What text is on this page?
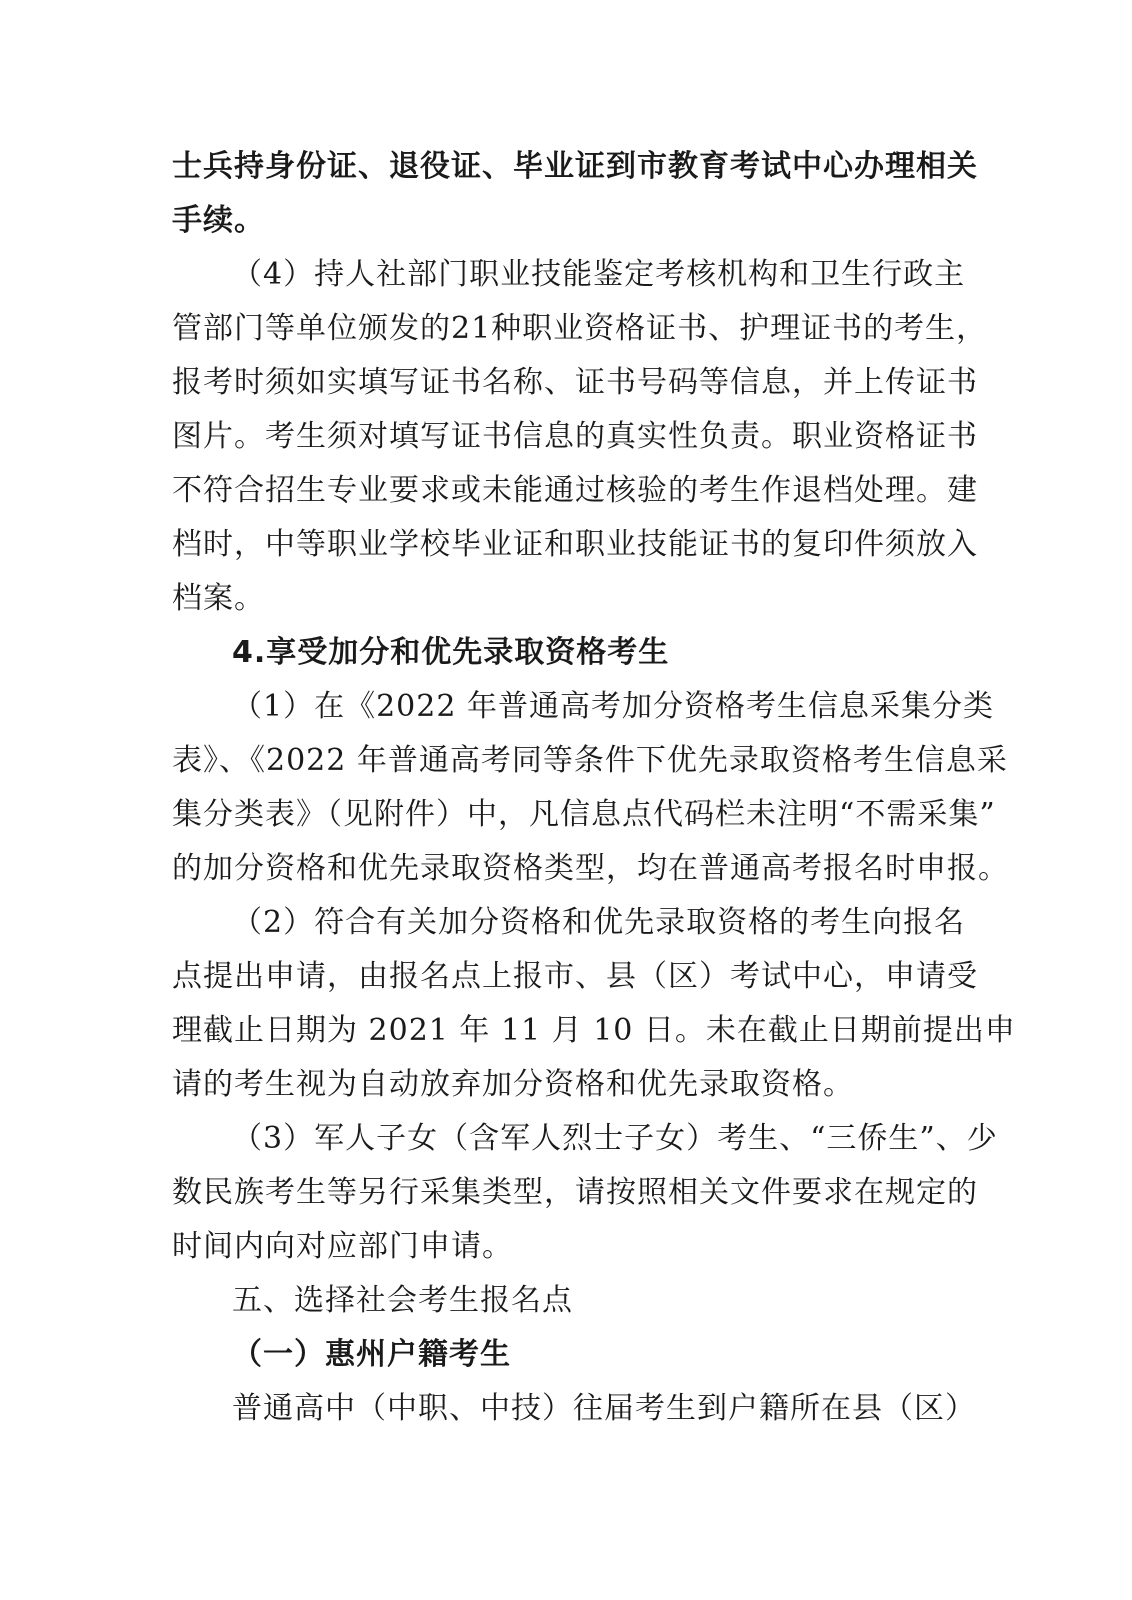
士兵持身份证、退役证、毕业证到市教育考试中心办理相关
手续。
（4）持人社部门职业技能鉴定考核机构和卫生行政主
管部门等单位颁发的21种职业资格证书、护理证书的考生，
报考时须如实填写证书名称、证书号码等信息，并上传证书
图片。考生须对填写证书信息的真实性负责。职业资格证书
不符合招生专业要求或未能通过核验的考生作退档处理。建
档时，中等职业学校毕业证和职业技能证书的复印件须放入
档案。
4.享受加分和优先录取资格考生
（1）在《2022 年普通高考加分资格考生信息采集分类
表》、《2022 年普通高考同等条件下优先录取资格考生信息采
集分类表》（见附件）中，凡信息点代码栏未注明“不需采集”
的加分资格和优先录取资格类型，均在普通高考报名时申报。
（2）符合有关加分资格和优先录取资格的考生向报名
点提出申请，由报名点上报市、县（区）考试中心，申请受
理截止日期为 2021 年 11 月 10 日。未在截止日期前提出申
请的考生视为自动放弃加分资格和优先录取资格。
（3）军人子女（含军人烈士子女）考生、“三侨生”、少
数民族考生等另行采集类型，请按照相关文件要求在规定的
时间内向对应部门申请。
五、选择社会考生报名点
（一）惠州户籍考生
普通高中（中职、中技）往届考生到户籍所在县（区）
